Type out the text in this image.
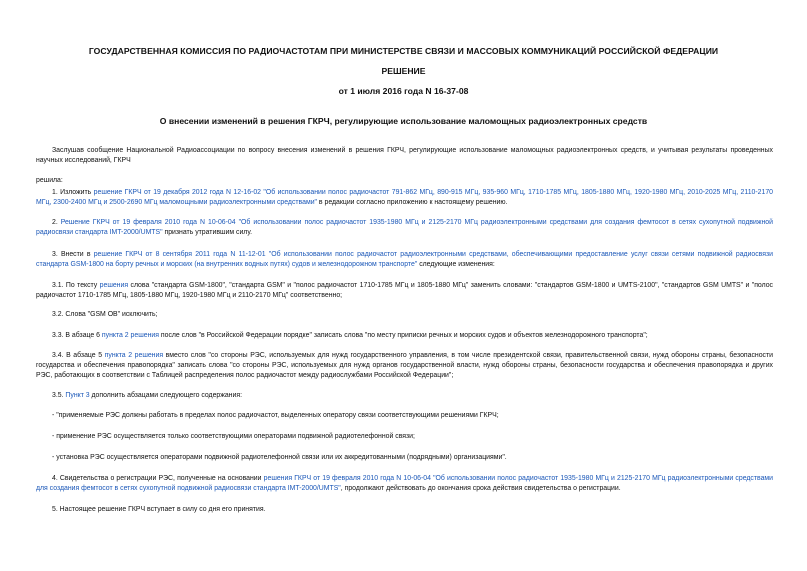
ГОСУДАРСТВЕННАЯ КОМИССИЯ ПО РАДИОЧАСТОТАМ ПРИ МИНИСТЕРСТВЕ СВЯЗИ И МАССОВЫХ КОММУНИКАЦИЙ РОССИЙСКОЙ ФЕДЕРАЦИИ
РЕШЕНИЕ
от 1 июля 2016 года N 16-37-08
О внесении изменений в решения ГКРЧ, регулирующие использование маломощных радиоэлектронных средств

Заслушав сообщение Национальной Радиоассоциации по вопросу внесения изменений в решения ГКРЧ, регулирующие использование маломощных радиоэлектронных средств, и учитывая результаты проведенных научных исследований, ГКРЧ

решила:

1. Изложить решение ГКРЧ от 19 декабря 2012 года N 12-16-02 "Об использовании полос радиочастот 791-862 МГц, 890-915 МГц, 935-960 МГц, 1710-1785 МГц, 1805-1880 МГц, 1920-1980 МГц, 2010-2025 МГц, 2110-2170 МГц, 2300-2400 МГц и 2500-2690 МГц маломощными радиоэлектронными средствами" в редакции согласно приложению к настоящему решению.

2. Решение ГКРЧ от 19 февраля 2010 года N 10-06-04 "Об использовании полос радиочастот 1935-1980 МГц и 2125-2170 МГц радиоэлектронными средствами для создания фемтосот в сетях сухопутной подвижной радиосвязи стандарта IMT-2000/UMTS" признать утратившим силу.

3. Внести в решение ГКРЧ от 8 сентября 2011 года N 11-12-01 "Об использовании полос радиочастот радиоэлектронными средствами, обеспечивающими предоставление услуг связи сетями подвижной радиосвязи стандарта GSM-1800 на борту речных и морских (на внутренних водных путях) судов и железнодорожном транспорте" следующие изменения:

3.1. По тексту решения слова "стандарта GSM-1800", "стандарта GSM" и "полос радиочастот 1710-1785 МГц и 1805-1880 МГц" заменить словами: "стандартов GSM-1800 и UMTS-2100", "стандартов GSM UMTS" и "полос радиочастот 1710-1785 МГц, 1805-1880 МГц, 1920-1980 МГц и 2110-2170 МГц" соответственно;

3.2. Слова "GSM OB" исключить;

3.3. В абзаце 6 пункта 2 решения после слов "в Российской Федерации порядке" записать слова "по месту приписки речных и морских судов и объектов железнодорожного транспорта";

3.4. В абзаце 5 пункта 2 решения вместо слов "со стороны РЭС, используемых для нужд государственного управления, в том числе президентской связи, правительственной связи, нужд обороны страны, безопасности государства и обеспечения правопорядка" записать слова "со стороны РЭС, используемых для нужд органов государственной власти, нужд обороны страны, безопасности государства и обеспечения правопорядка и других РЭС, работающих в соответствии с Таблицей распределения полос радиочастот между радиослужбами Российской Федерации";

3.5. Пункт 3 дополнить абзацами следующего содержания:

- "применяемые РЭС должны работать в пределах полос радиочастот, выделенных оператору связи соответствующими решениями ГКРЧ;

- применение РЭС осуществляется только соответствующими операторами подвижной радиотелефонной связи;

- установка РЭС осуществляется операторами подвижной радиотелефонной связи или их аккредитованными (подрядными) организациями".

4. Свидетельства о регистрации РЭС, полученные на основании решения ГКРЧ от 19 февраля 2010 года N 10-06-04 "Об использовании полос радиочастот 1935-1980 МГц и 2125-2170 МГц радиоэлектронными средствами для создания фемтосот в сетях сухопутной подвижной радиосвязи стандарта IMT-2000/UMTS", продолжают действовать до окончания срока действия свидетельства о регистрации.

5. Настоящее решение ГКРЧ вступает в силу со дня его принятия.
